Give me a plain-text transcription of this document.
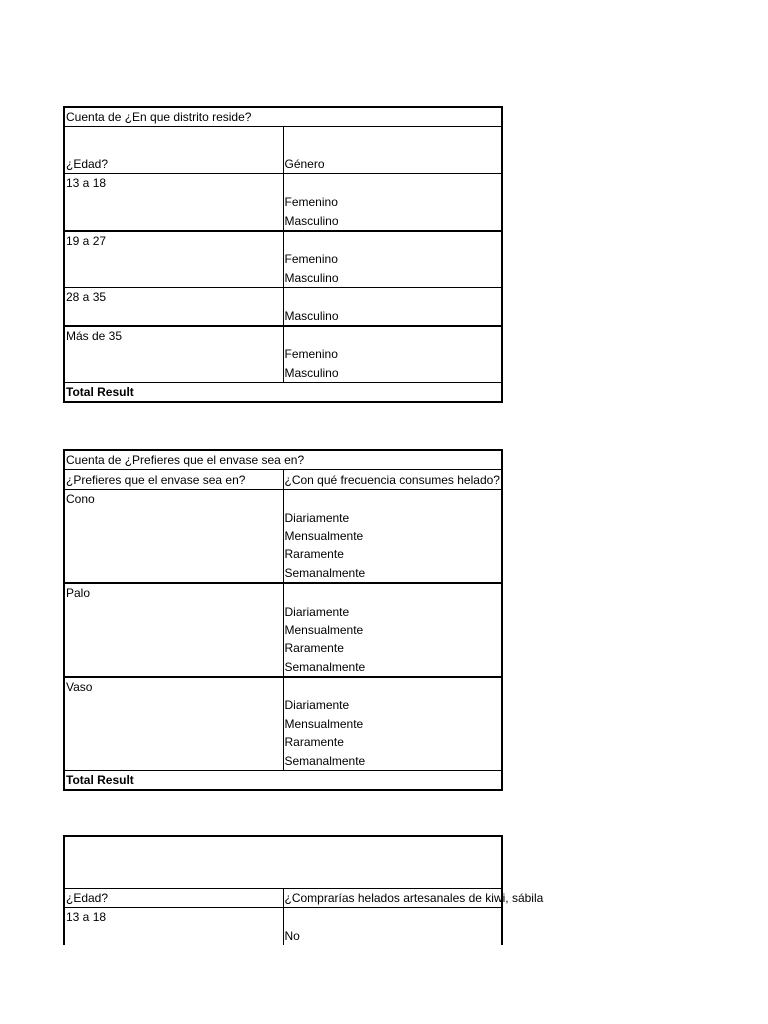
Cuenta de ¿En que distrito reside?	
¿Edad?	Género
13 a 18	
	Femenino
	Masculino
19 a 27	
	Femenino
	Masculino
28 a 35	
	Masculino
Más de 35	
	Femenino
	Masculino
Total Result	
Cuenta de ¿Prefieres que el envase sea en?	
¿Prefieres que el envase sea en?	¿Con qué frecuencia consumes helado?
Cono	
	Diariamente
	Mensualmente
	Raramente
	Semanalmente
Palo	
	Diariamente
	Mensualmente
	Raramente
	Semanalmente
Vaso	
	Diariamente
	Mensualmente
	Raramente
	Semanalmente
Total Result	

¿Edad?	¿Comprarías helados artesanales de kiwi, sábila
13 a 18	
	No
